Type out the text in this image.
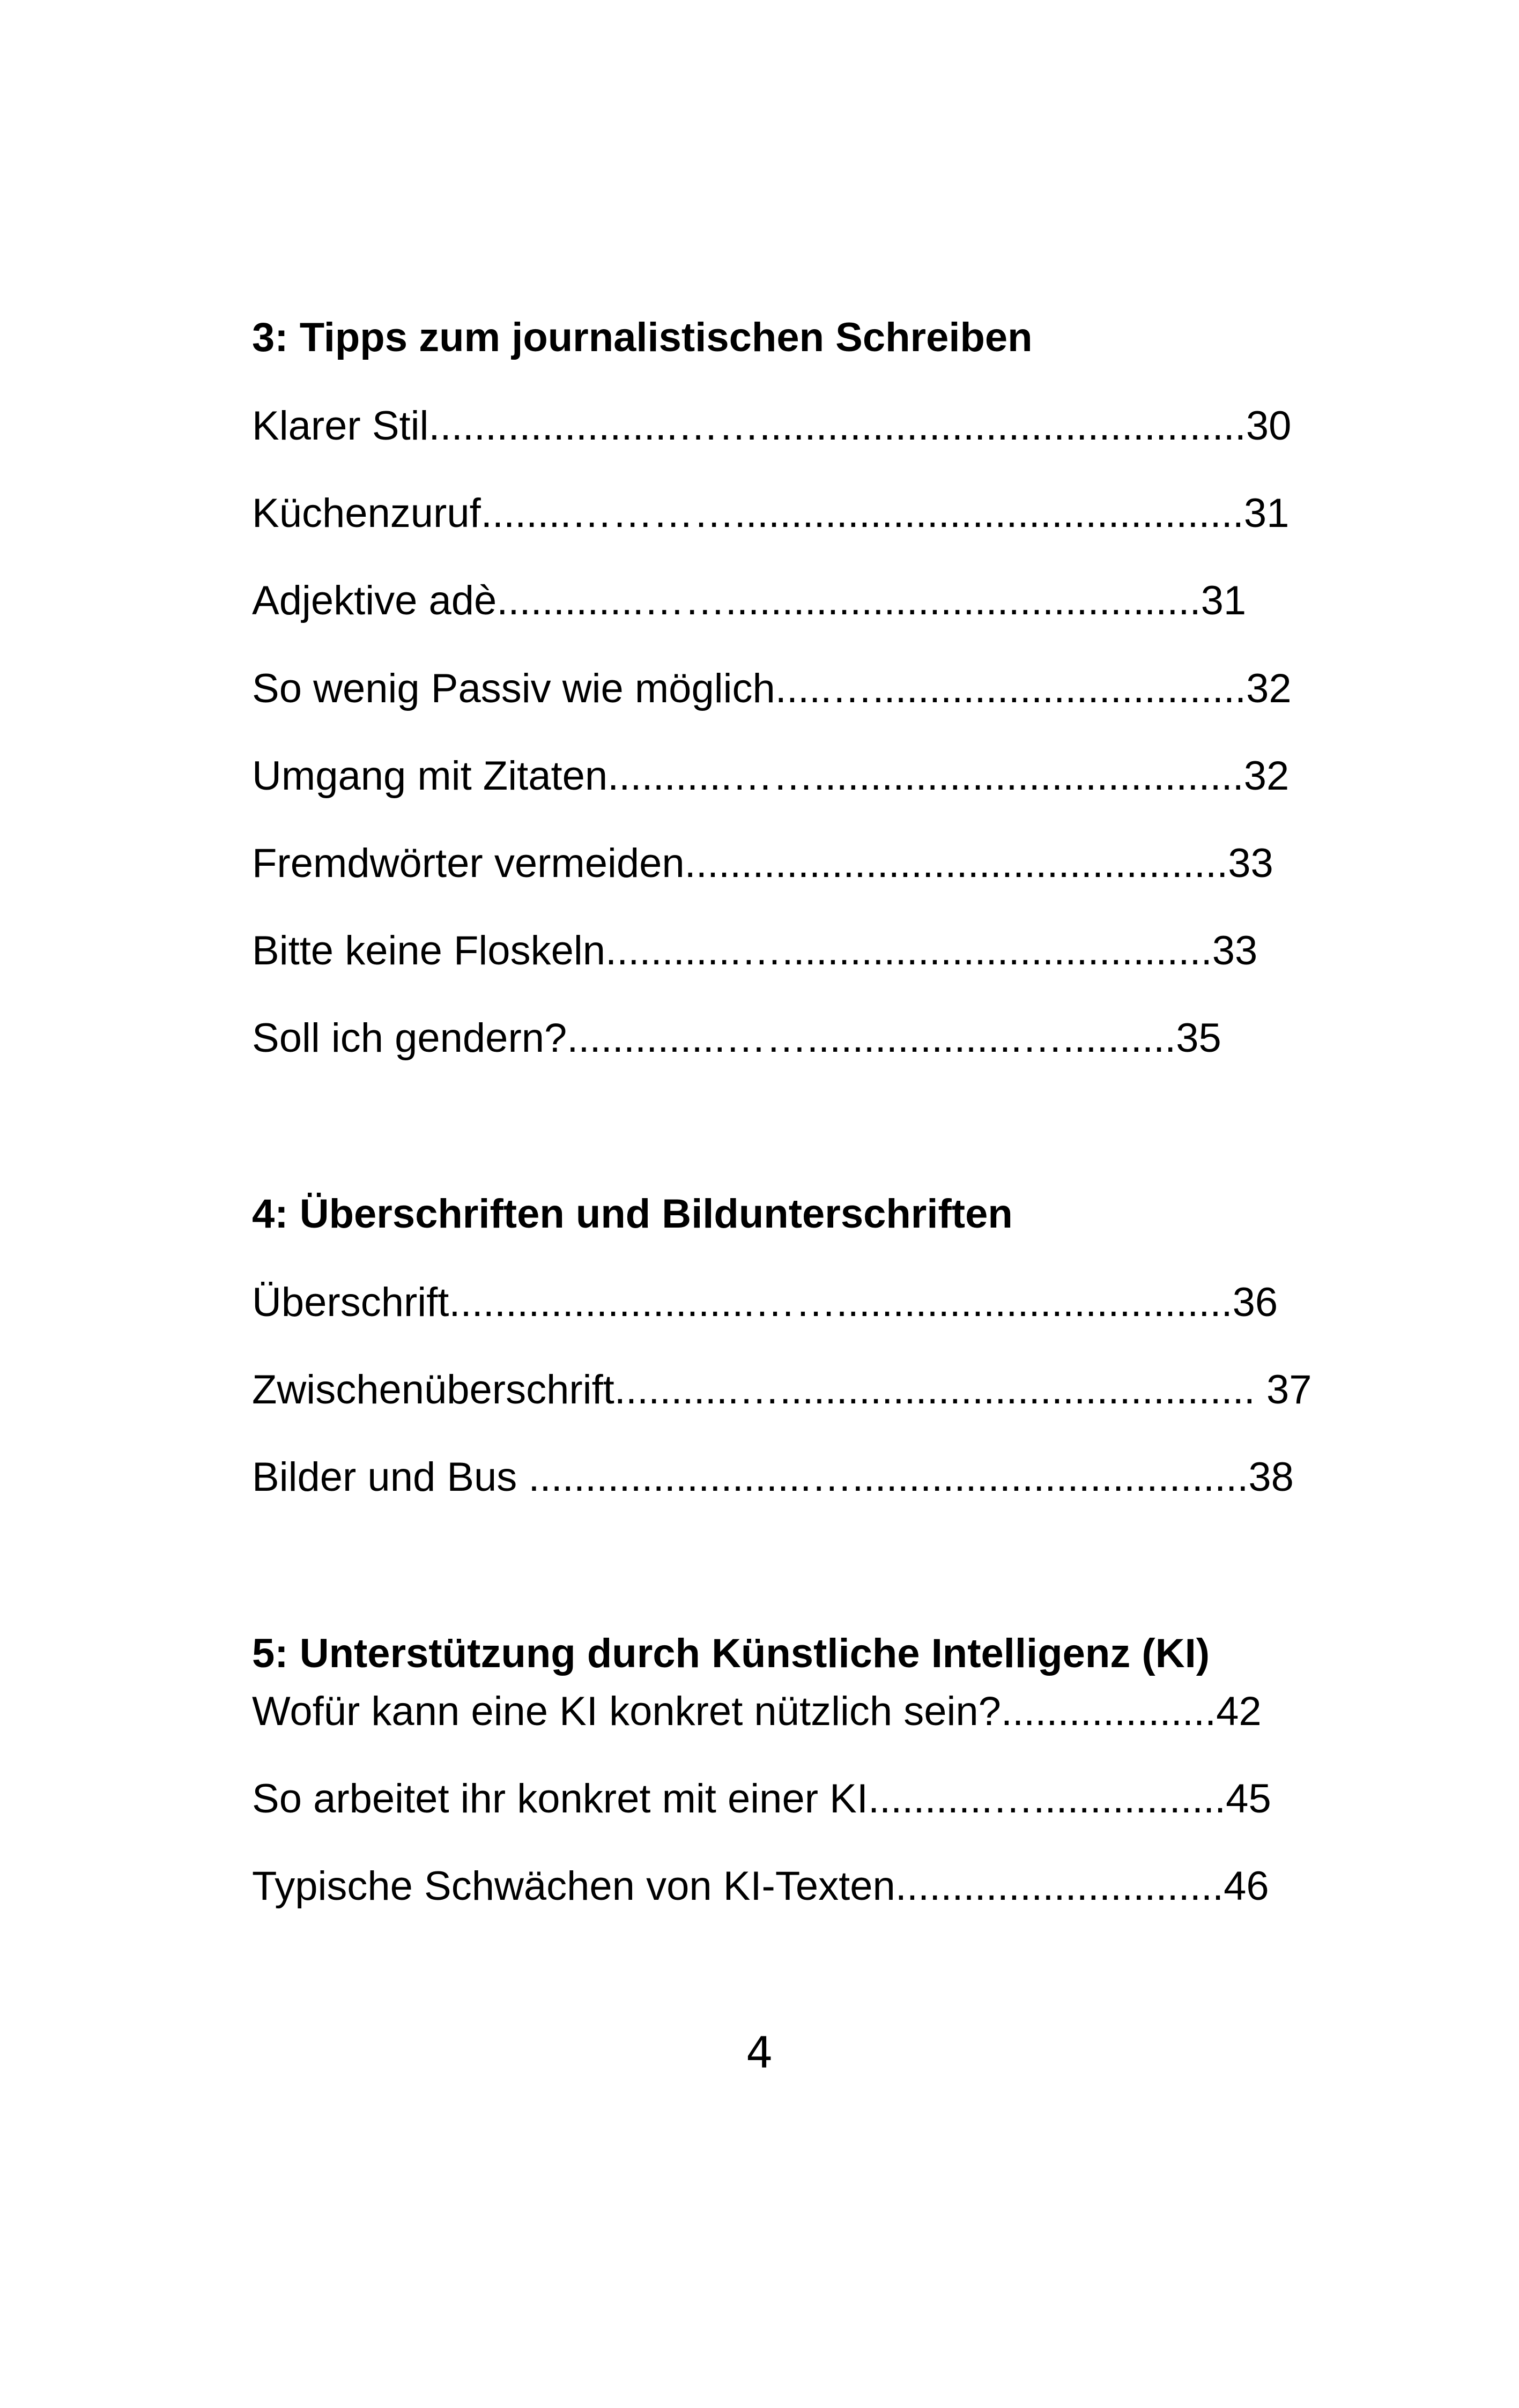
3: Tipps zum journalistischen Schreiben
Klarer Stil......................……...........................................30
Küchenzuruf........………….............................................31
Adjektive adè.............……..........................................31
So wenig Passiv wie möglich.....….................................32
Umgang mit Zitaten...........……......................................32
Fremdwörter vermeiden................................................33
Bitte keine Floskeln............…......................................33
Soll ich gendern?..............……...................…..........35
4: Überschriften und Bildunterschriften
Überschrift...........................……...................................36
Zwischenüberschrift...........….......................................... 37
Bilder und Bus .........................…...................................38
5: Unterstützung durch Künstliche Intelligenz (KI)
Wofür kann eine KI konkret nützlich sein?...................42
So arbeitet ihr konkret mit einer KI...........….................45
Typische Schwächen von KI-Texten.............................46
4
